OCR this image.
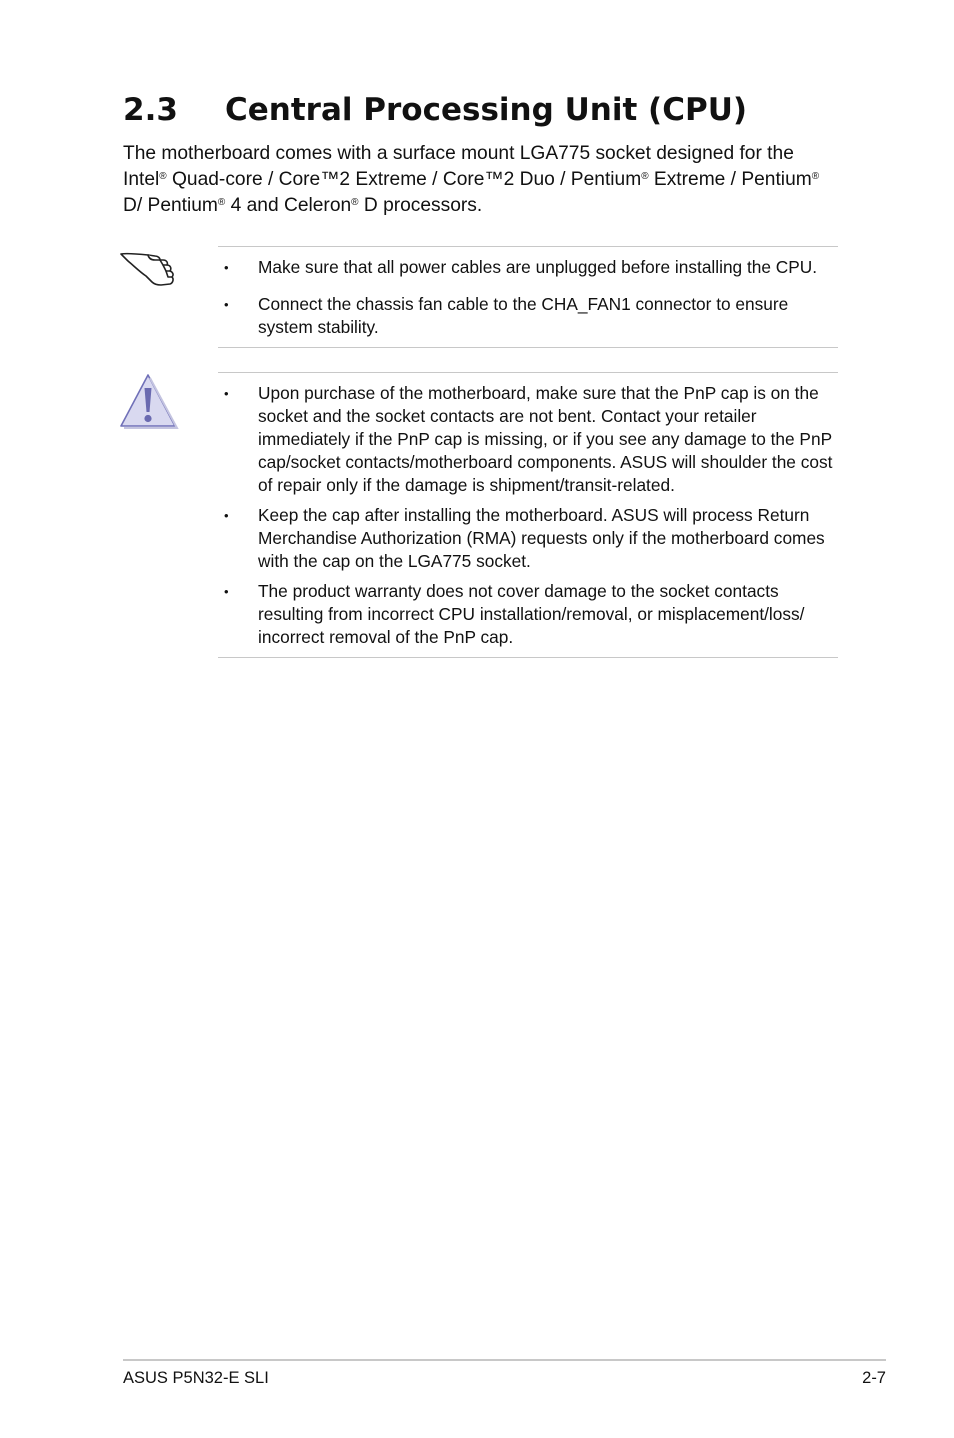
2.3 Central Processing Unit (CPU)

The motherboard comes with a surface mount LGA775 socket designed for the
Intel® Quad-core / Core™2 Extreme / Core™2 Duo / Pentium® Extreme / Pentium®
D/ Pentium® 4 and Celeron® D processors.

• Make sure that all power cables are unplugged before installing the CPU.
• Connect the chassis fan cable to the CHA_FAN1 connector to ensure system stability.
• Upon purchase of the motherboard, make sure that the PnP cap is on the socket and the socket contacts are not bent. Contact your retailer immediately if the PnP cap is missing, or if you see any damage to the PnP cap/socket contacts/motherboard components. ASUS will shoulder the cost of repair only if the damage is shipment/transit-related.
• Keep the cap after installing the motherboard. ASUS will process Return Merchandise Authorization (RMA) requests only if the motherboard comes with the cap on the LGA775 socket.
• The product warranty does not cover damage to the socket contacts resulting from incorrect CPU installation/removal, or misplacement/loss/ incorrect removal of the PnP cap.
ASUS P5N32-E SLI	2-7
